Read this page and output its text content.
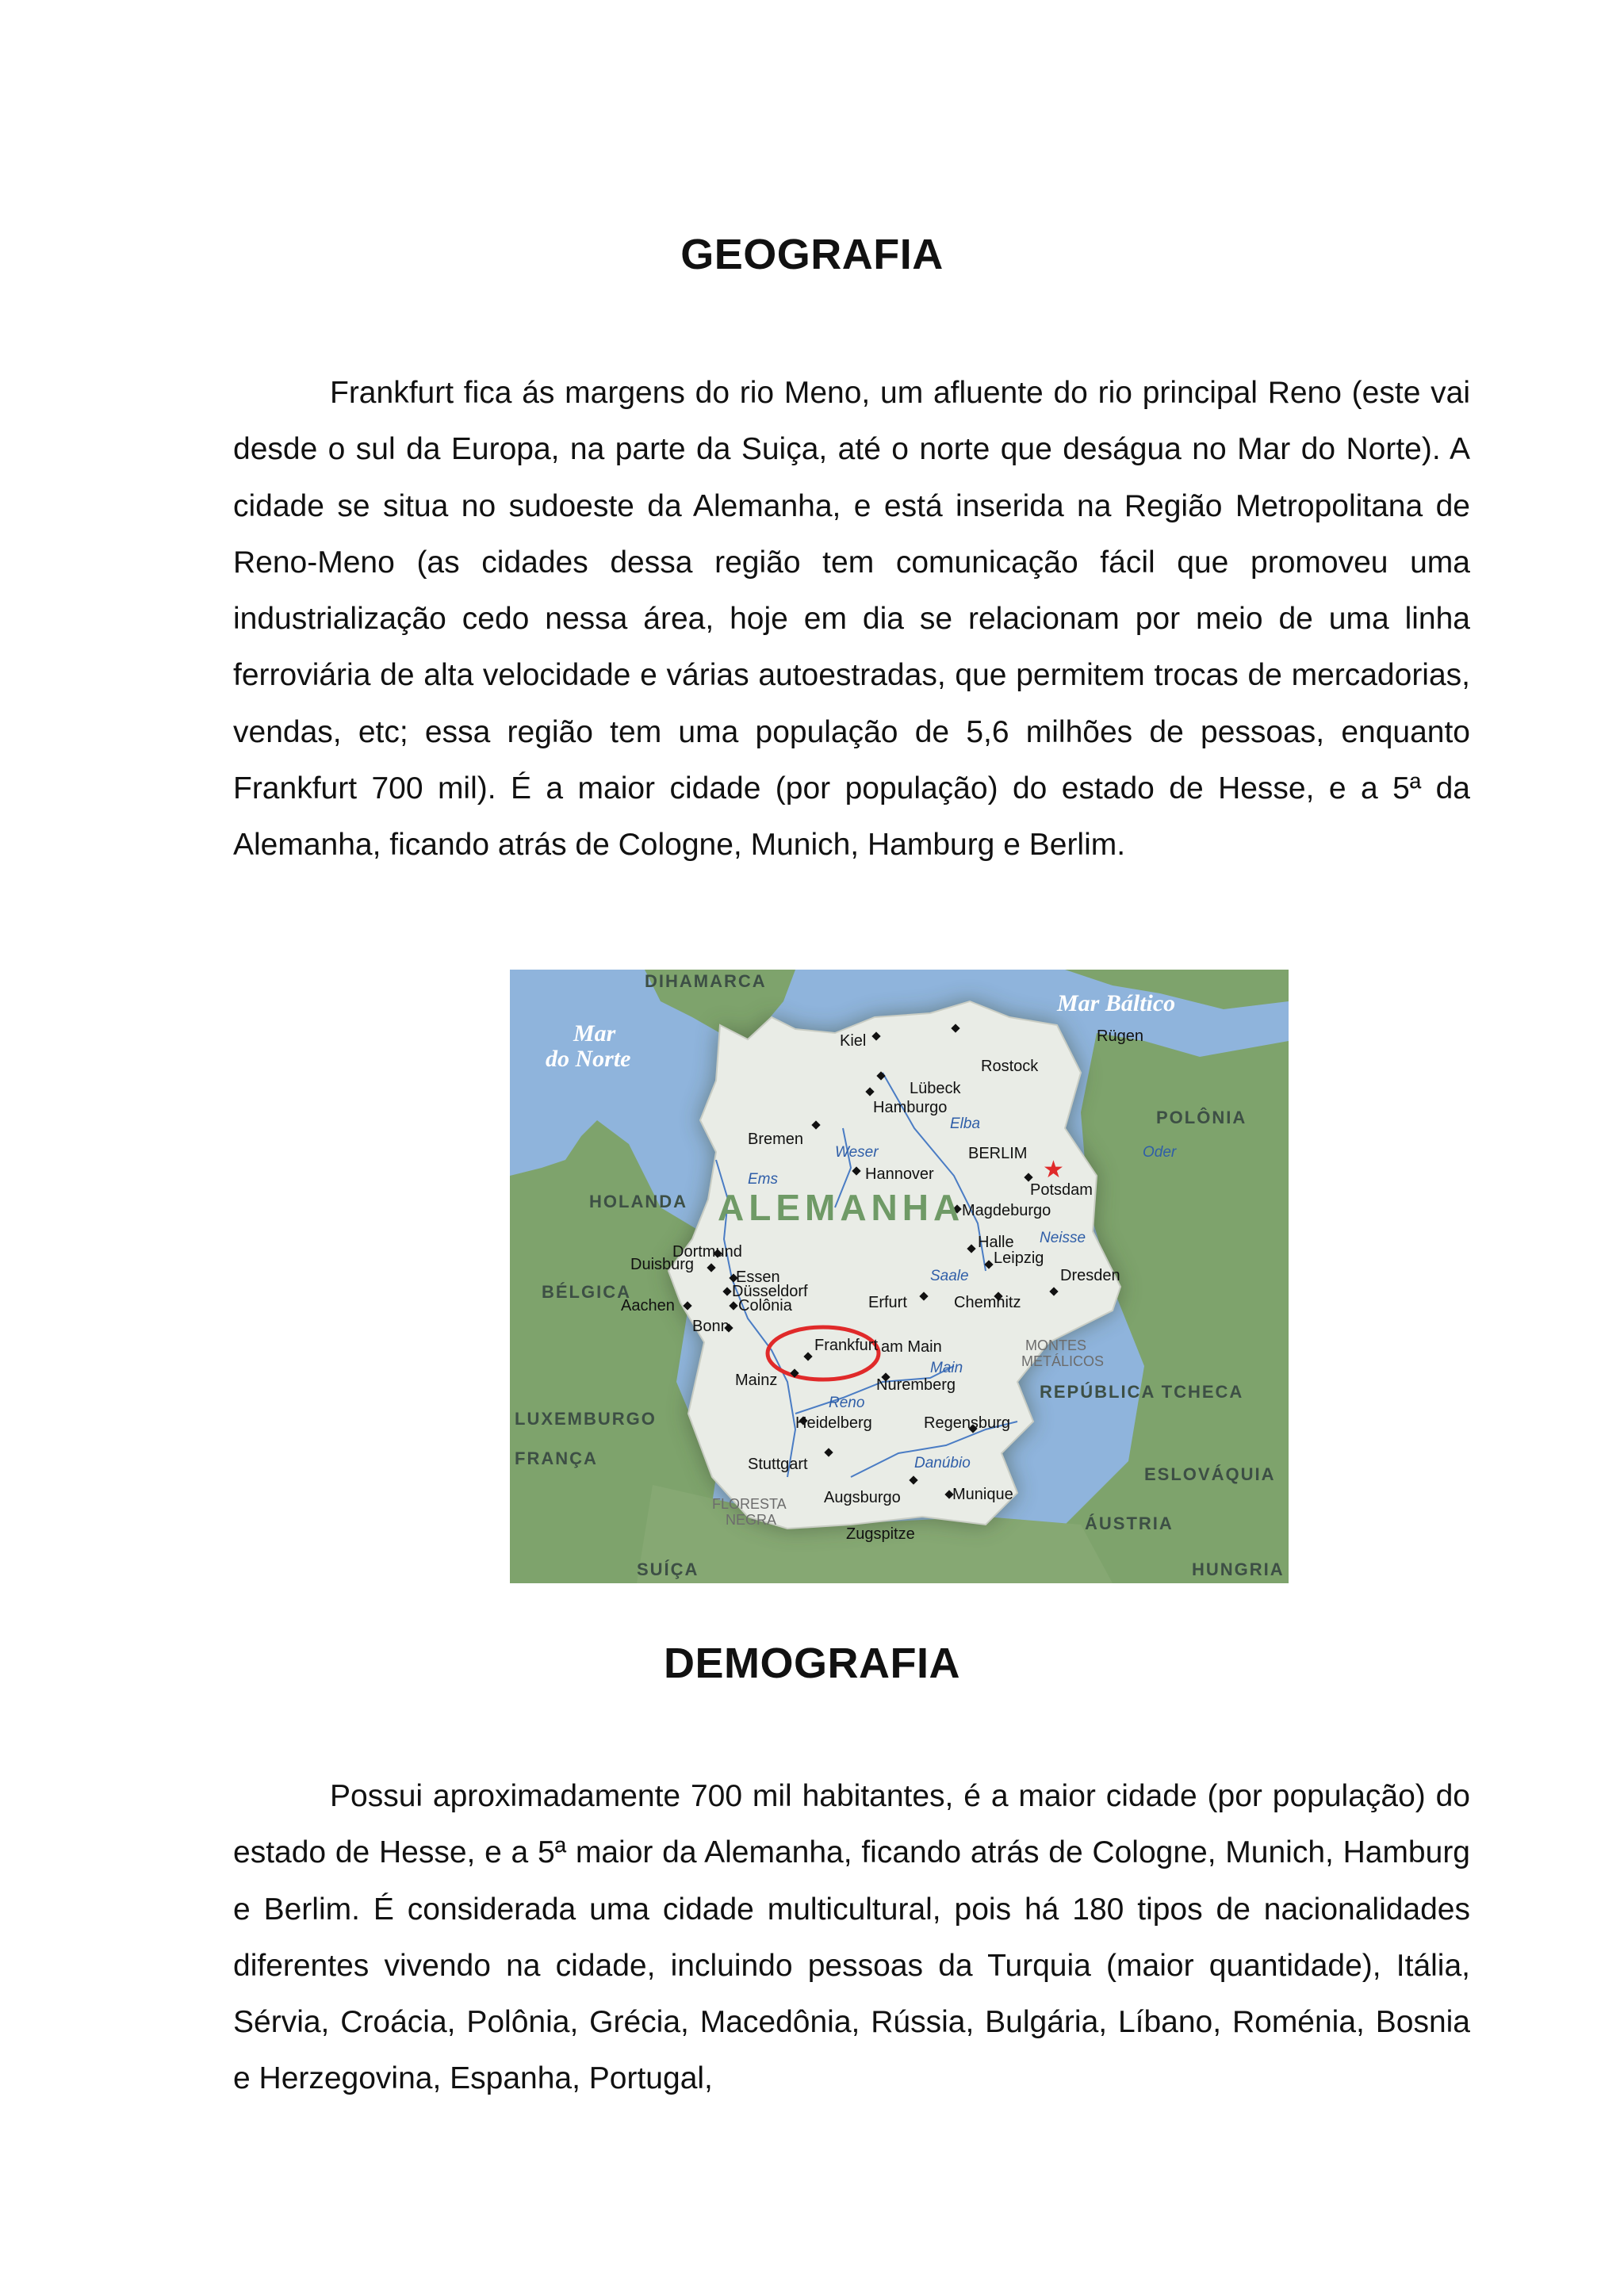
GEOGRAFIA

Frankfurt fica ás margens do rio Meno, um afluente do rio principal Reno (este vai desde o sul da Europa, na parte da Suiça, até o norte que deságua no Mar do Norte). A cidade se situa no sudoeste da Alemanha, e está inserida na Região Metropolitana de Reno-Meno (as cidades dessa região tem comunicação fácil que promoveu uma industrialização cedo nessa área, hoje em dia se relacionam por meio de uma linha ferroviária de alta velocidade e várias autoestradas, que permitem trocas de mercadorias, vendas, etc; essa região tem uma população de 5,6 milhões de pessoas, enquanto Frankfurt 700 mil). É a maior cidade (por população) do estado de Hesse, e a 5ª da Alemanha, ficando atrás de Cologne, Munich, Hamburg e Berlim.

★
Mar
do Norte
Mar Báltico
DIHAMARCA
HOLANDA
BÉLGICA
LUXEMBURGO
FRANÇA
SUÍÇA
ÁUSTRIA
ESLOVÁQUIA
REPÚBLICA TCHECA
POLÔNIA
HUNGRIA
ALEMANHA
MONTES
METÁLICOS
FLORESTA
NEGRA
Kiel
Rostock
Rügen
Lübeck
Hamburgo
Bremen
Hannover
BERLIM
Potsdam
Magdeburgo
Halle
Leipzig
Dortmund
Duisburg
Essen
Düsseldorf
Colônia
Aachen
Bonn
Erfurt	Chemnitz
Dresden
Frankfurt am Main
Mainz	Nuremberg
Heidelberg	Regensburg
Stuttgart
Augsburgo	Munique
Zugspitze
Elba
Weser
Ems
Oder
Neisse
Saale
Main
Reno
Danúbio
DEMOGRAFIA

Possui aproximadamente 700 mil habitantes, é a maior cidade (por população) do estado de Hesse, e a 5ª maior da Alemanha, ficando atrás de Cologne, Munich, Hamburg e Berlim. É considerada uma cidade multicultural, pois há 180 tipos de nacionalidades diferentes vivendo na cidade, incluindo pessoas da Turquia (maior quantidade), Itália, Sérvia, Croácia, Polônia, Grécia, Macedônia, Rússia, Bulgária, Líbano, Roménia, Bosnia e Herzegovina, Espanha, Portugal,
